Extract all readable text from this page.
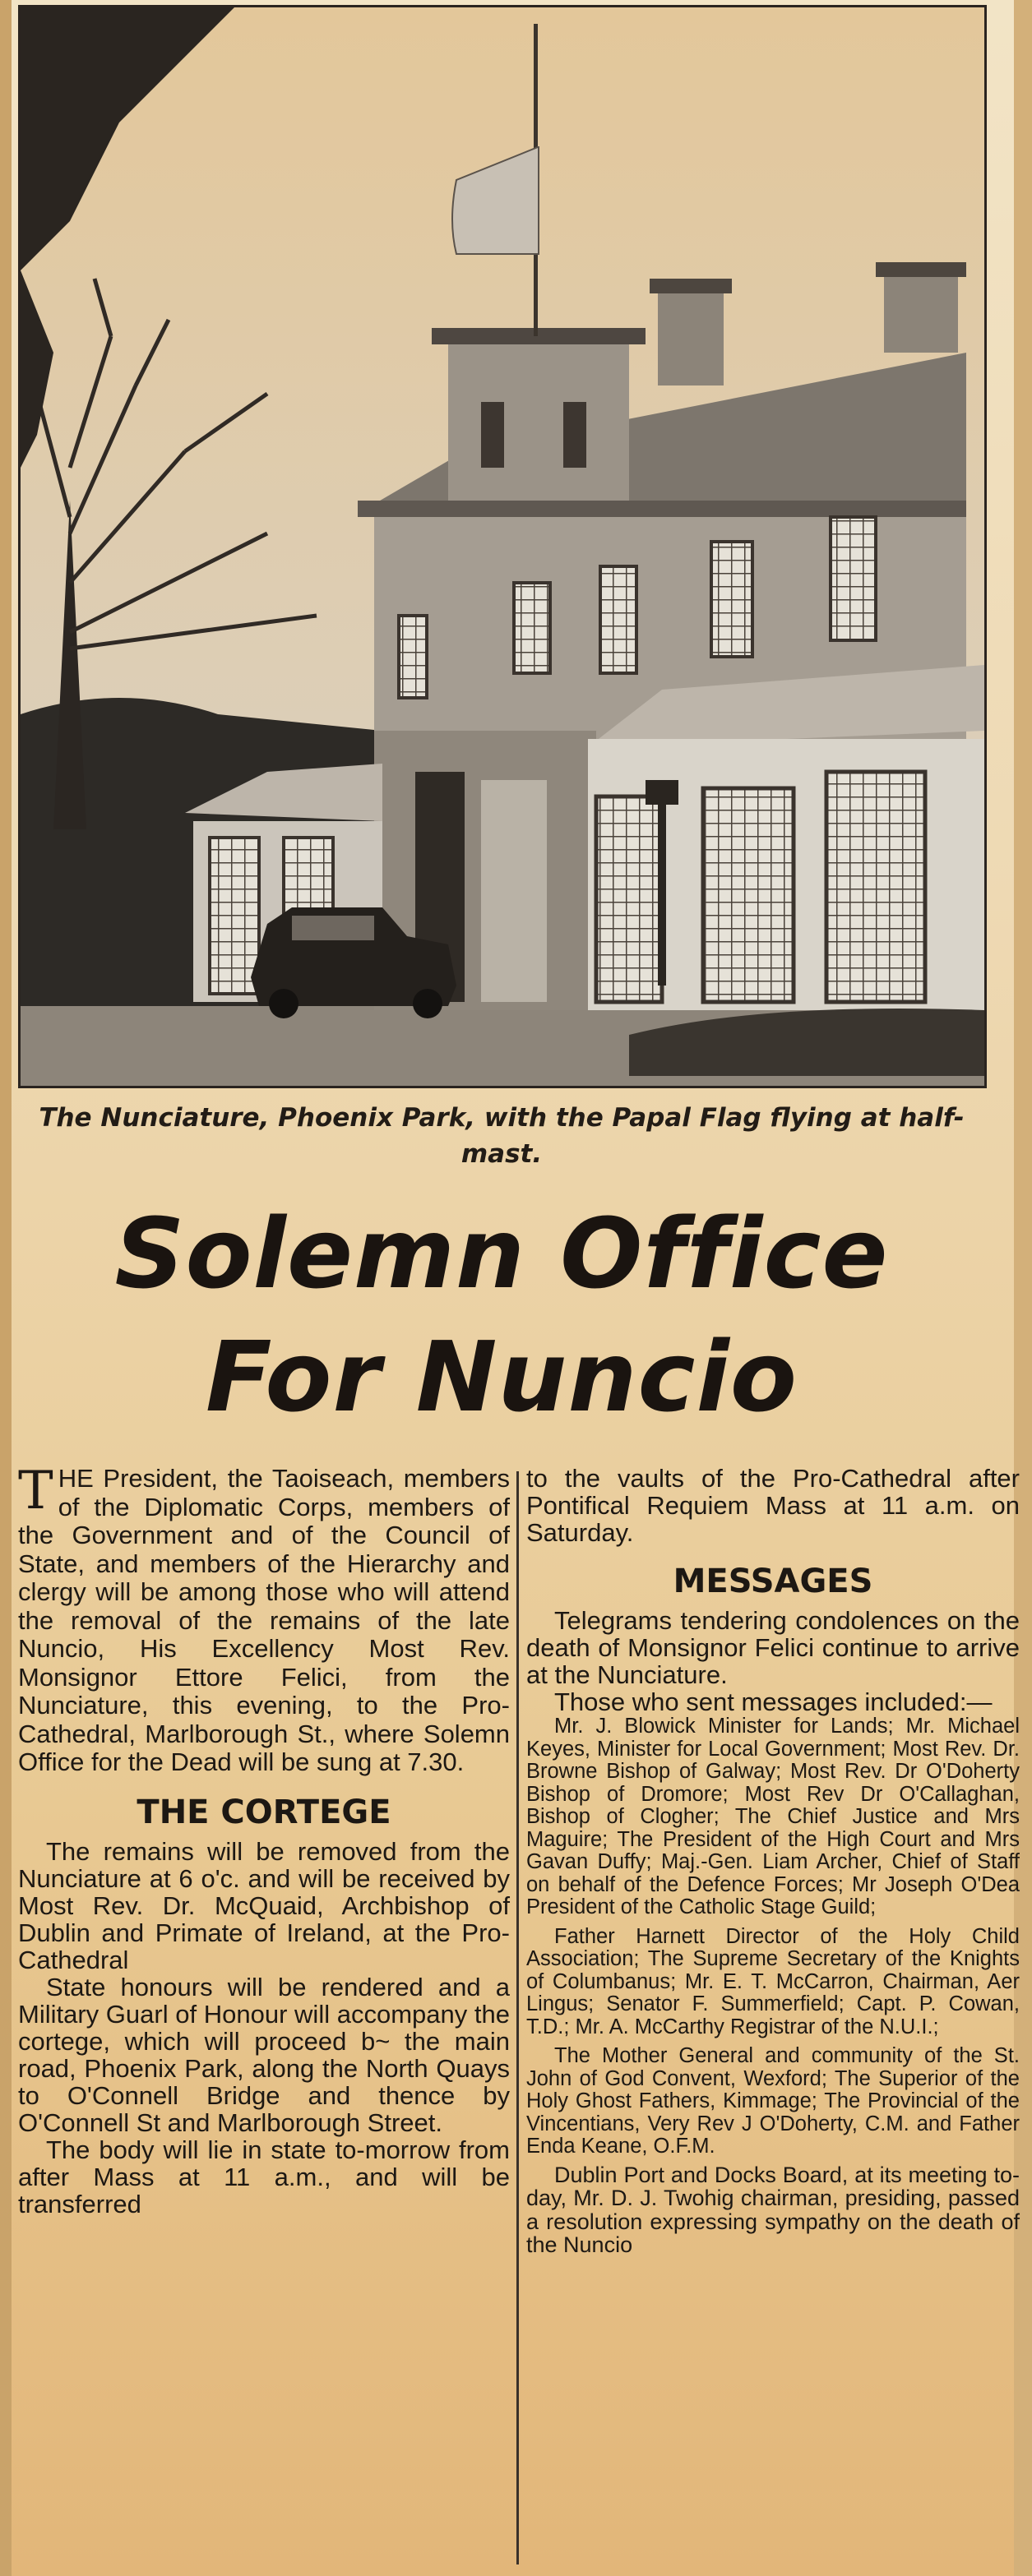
The Nunciature, Phoenix Park, with the Papal Flag flying at half-mast.
Solemn Office
For Nuncio

THE President, the Taoiseach, members of the Diplomatic Corps, members of the Government and of the Council of State, and members of the Hierarchy and clergy will be among those who will attend the removal of the remains of the late Nuncio, His Excellency Most Rev. Monsignor Ettore Felici, from the Nunciature, this evening, to the Pro-Cathedral, Marlborough St., where Solemn Office for the Dead will be sung at 7.30.

THE CORTEGE

The remains will be removed from the Nunciature at 6 o'c. and will be received by Most Rev. Dr. McQuaid, Archbishop of Dublin and Primate of Ireland, at the Pro-Cathedral

State honours will be rendered and a Military Guarl of Honour will accompany the cortege, which will proceed b~ the main road, Phoenix Park, along the North Quays to O'Connell Bridge and thence by O'Connell St and Marlborough Street.

The body will lie in state to-morrow from after Mass at 11 a.m., and will be transferred

to the vaults of the Pro-Cathedral after Pontifical Requiem Mass at 11 a.m. on Saturday.

MESSAGES

Telegrams tendering condolences on the death of Monsignor Felici continue to arrive at the Nunciature.

Those who sent messages included:—

Mr. J. Blowick Minister for Lands; Mr. Michael Keyes, Minister for Local Government; Most Rev. Dr. Browne Bishop of Galway; Most Rev. Dr O'Doherty Bishop of Dromore; Most Rev Dr O'Callaghan, Bishop of Clogher; The Chief Justice and Mrs Maguire; The President of the High Court and Mrs Gavan Duffy; Maj.-Gen. Liam Archer, Chief of Staff on behalf of the Defence Forces; Mr Joseph O'Dea President of the Catholic Stage Guild;

Father Harnett Director of the Holy Child Association; The Supreme Secretary of the Knights of Columbanus; Mr. E. T. McCarron, Chairman, Aer Lingus; Senator F. Summerfield; Capt. P. Cowan, T.D.; Mr. A. McCarthy Registrar of the N.U.I.;

The Mother General and community of the St. John of God Convent, Wexford; The Superior of the Holy Ghost Fathers, Kimmage; The Provincial of the Vincentians, Very Rev J O'Doherty, C.M. and Father Enda Keane, O.F.M.

Dublin Port and Docks Board, at its meeting to-day, Mr. D. J. Twohig chairman, presiding, passed a resolution expressing sympathy on the death of the Nuncio
